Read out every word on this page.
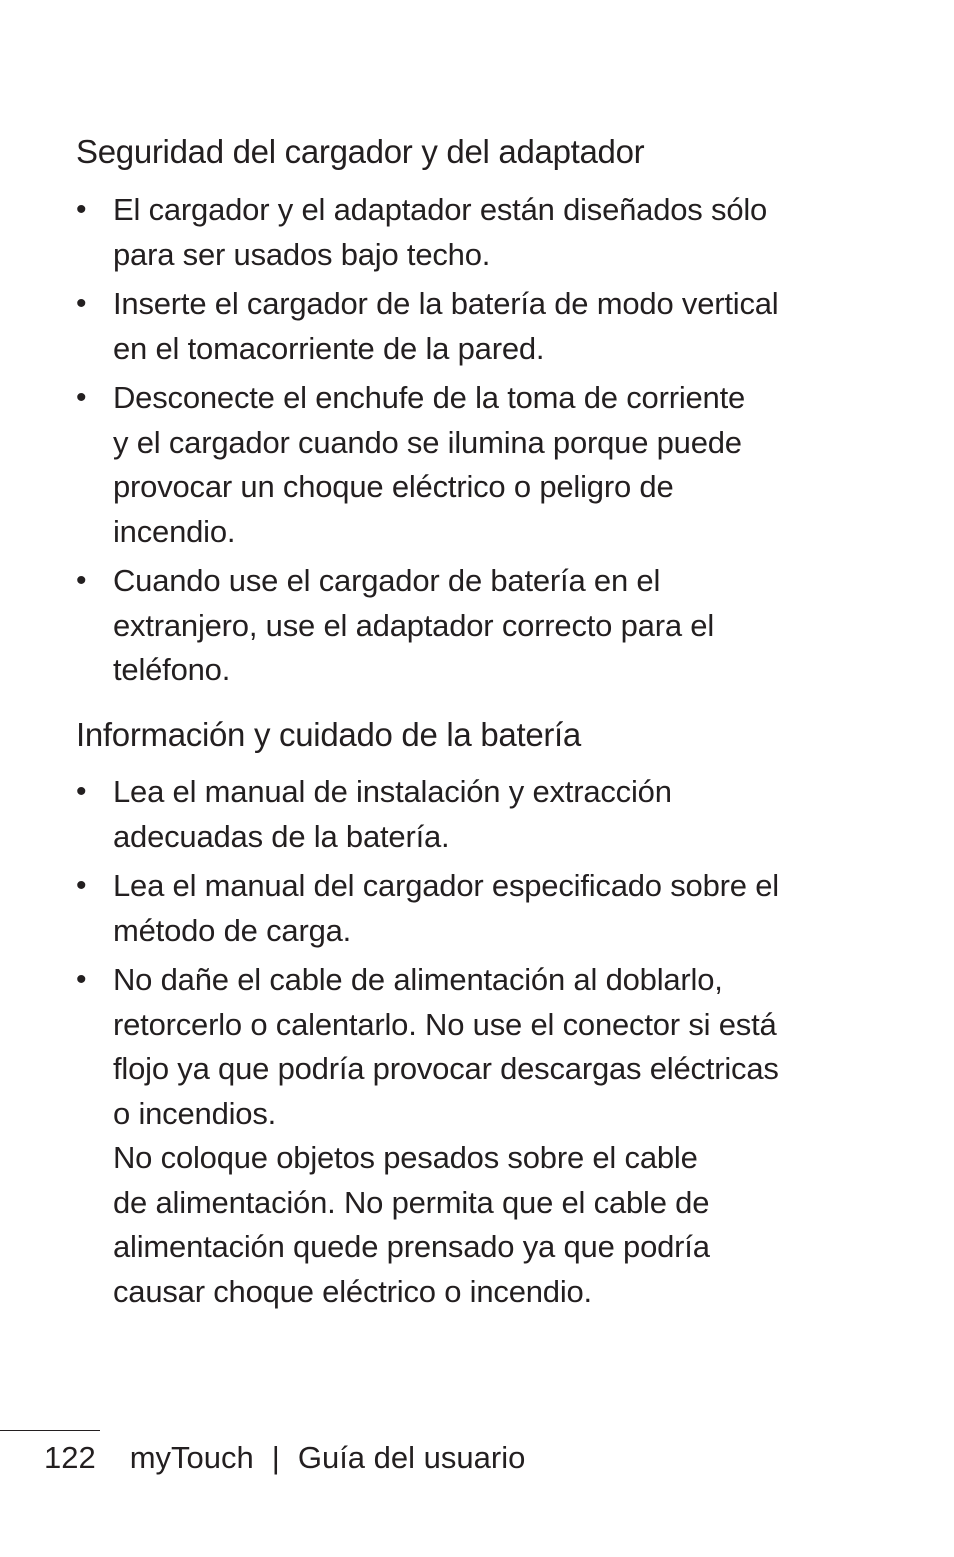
Seguridad del cargador y del adaptador
• El cargador y el adaptador están diseñados sólo
para ser usados bajo techo.
• Inserte el cargador de la batería de modo vertical
en el tomacorriente de la pared.
• Desconecte el enchufe de la toma de corriente
y el cargador cuando se ilumina porque puede
provocar un choque eléctrico o peligro de
incendio.
• Cuando use el cargador de batería en el
extranjero, use el adaptador correcto para el
teléfono.
Información y cuidado de la batería
• Lea el manual de instalación y extracción
adecuadas de la batería.
• Lea el manual del cargador especificado sobre el
método de carga.
• No dañe el cable de alimentación al doblarlo,
retorcerlo o calentarlo. No use el conector si está
flojo ya que podría provocar descargas eléctricas
o incendios.
No coloque objetos pesados sobre el cable
de alimentación. No permita que el cable de
alimentación quede prensado ya que podría
causar choque eléctrico o incendio.
122 myTouch | Guía del usuario
